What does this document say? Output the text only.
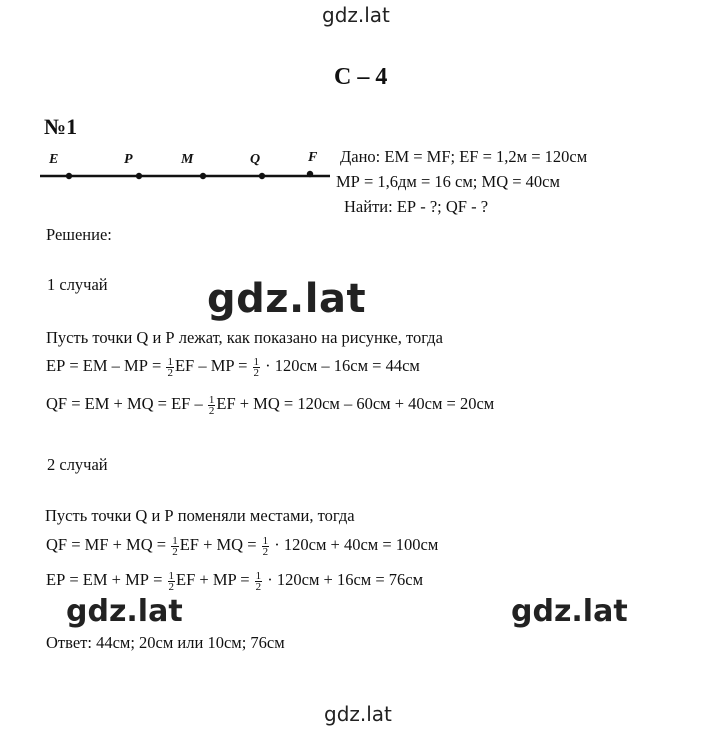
gdz.lat
gdz.lat
gdz.lat	gdz.lat
gdz.lat
С – 4
№1
E	P	M	Q	F Дано: ЕМ = MF; EF = 1,2м = 120см
МР = 1,6дм = 16 см; MQ = 40см
Найти: ЕР - ?; QF - ?
Решение:
1 случай
Пусть точки Q и Р лежат, как показано на рисунке, тогда
ЕР = ЕМ – МР = $\frac{1}{2}$ EF – MP = $\frac{1}{2} \cdot 120см - 16см = 44см$
QF = EM + MQ = EF – $\frac{1}{2}$ EF + MQ = 120см – 60см + 40см = 20см
2 случай
Пусть точки Q и Р поменяли местами, тогда
QF = MF + MQ = $\frac{1}{2}$ EF + MQ = $\frac{1}{2} \cdot 120см + 40см = 100см$
ЕР = ЕМ + МР = $\frac{1}{2}$ EF + MP = $\frac{1}{2} \cdot 120см + 16см = 76см$
Ответ: 44см; 20см или 10см; 76см
